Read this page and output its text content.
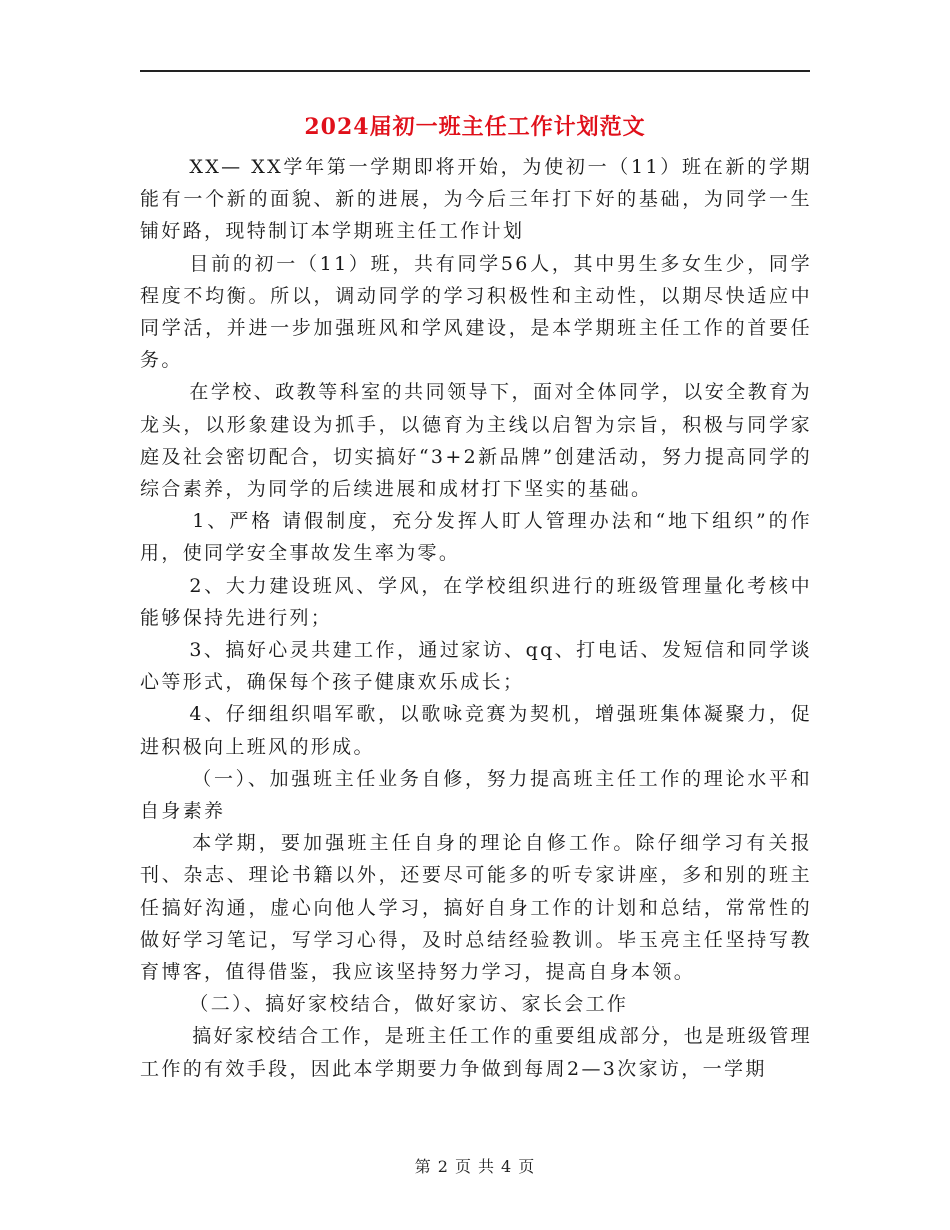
2024届初一班主任工作计划范文

XX— XX学年第一学期即将开始，为使初一（11）班在新的学期能有一个新的面貌、新的进展，为今后三年打下好的基础，为同学一生铺好路，现特制订本学期班主任工作计划

目前的初一（11）班，共有同学56人，其中男生多女生少，同学程度不均衡。所以，调动同学的学习积极性和主动性，以期尽快适应中同学活，并进一步加强班风和学风建设，是本学期班主任工作的首要任务。

在学校、政教等科室的共同领导下，面对全体同学，以安全教育为龙头，以形象建设为抓手，以德育为主线以启智为宗旨，积极与同学家庭及社会密切配合，切实搞好“3+2新品牌”创建活动，努力提高同学的综合素养，为同学的后续进展和成材打下坚实的基础。

1、严格 请假制度，充分发挥人盯人管理办法和“地下组织”的作用，使同学安全事故发生率为零。

2、大力建设班风、学风，在学校组织进行的班级管理量化考核中能够保持先进行列；

3、搞好心灵共建工作，通过家访、qq、打电话、发短信和同学谈心等形式，确保每个孩子健康欢乐成长；

4、仔细组织唱军歌，以歌咏竞赛为契机，增强班集体凝聚力，促进积极向上班风的形成。

（一）、加强班主任业务自修，努力提高班主任工作的理论水平和自身素养

本学期，要加强班主任自身的理论自修工作。除仔细学习有关报刊、杂志、理论书籍以外，还要尽可能多的听专家讲座，多和别的班主任搞好沟通，虚心向他人学习，搞好自身工作的计划和总结，常常性的做好学习笔记，写学习心得，及时总结经验教训。毕玉亮主任坚持写教育博客，值得借鉴，我应该坚持努力学习，提高自身本领。

（二）、搞好家校结合，做好家访、家长会工作

搞好家校结合工作，是班主任工作的重要组成部分，也是班级管理工作的有效手段，因此本学期要力争做到每周2—3次家访，一学期

第 2 页 共 4 页
